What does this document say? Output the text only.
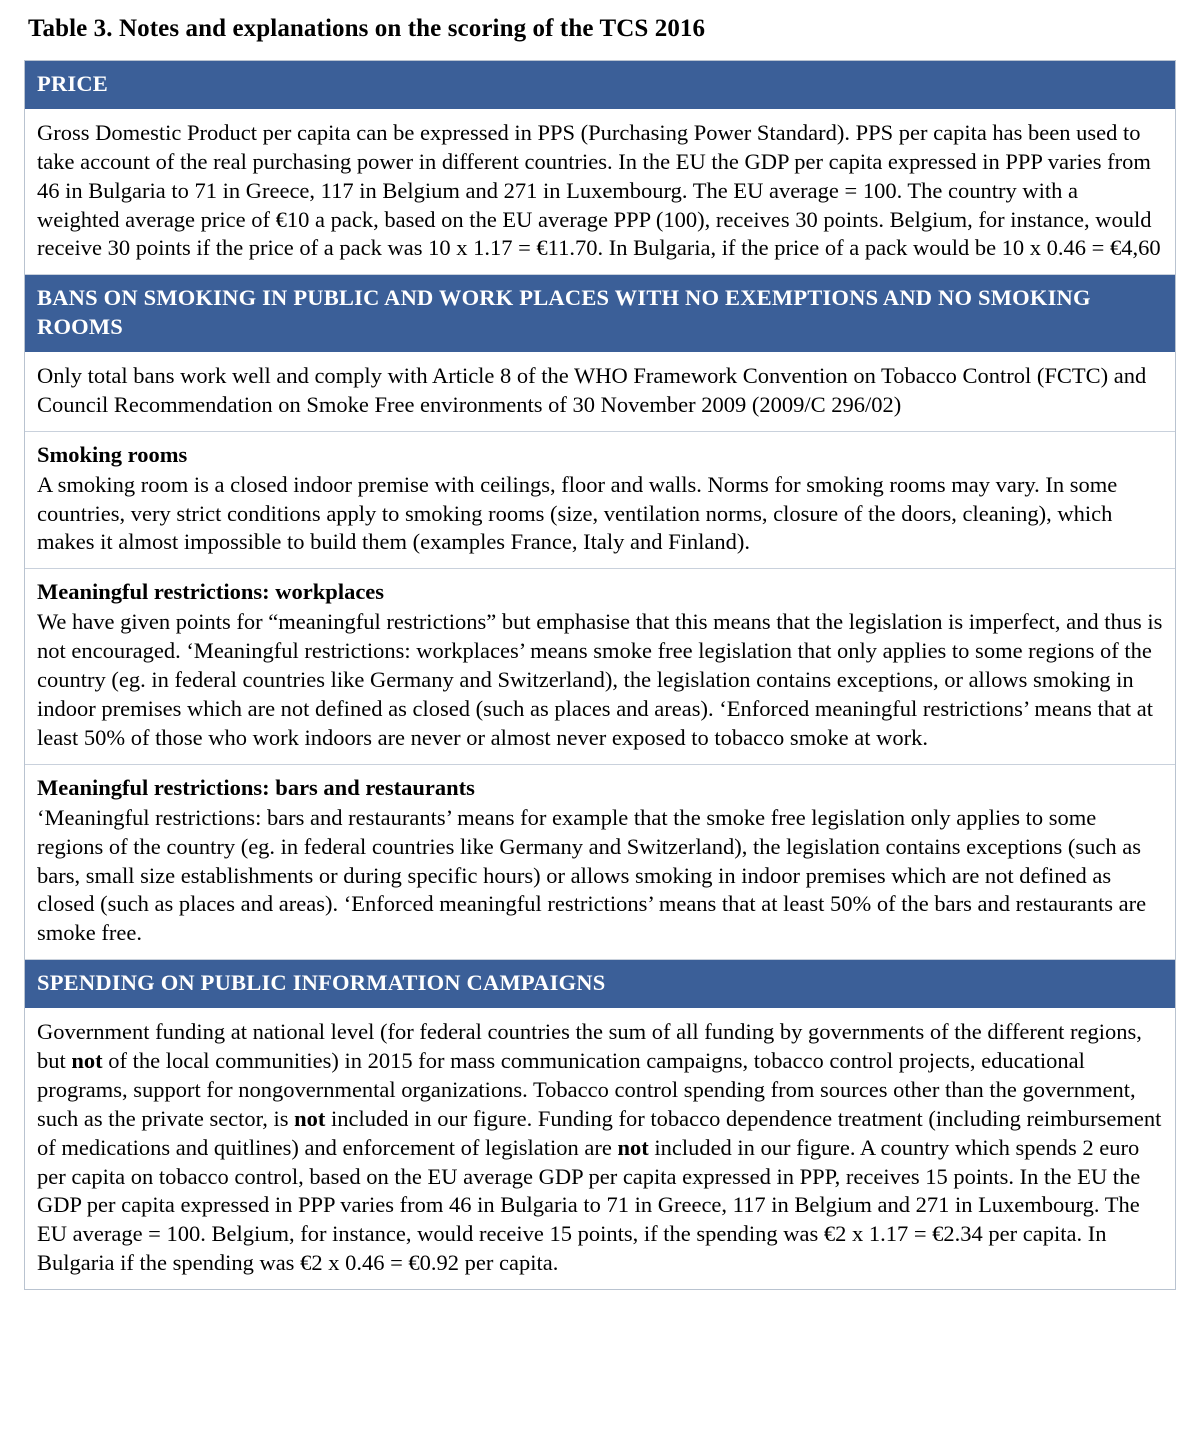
Table 3. Notes and explanations on the scoring of the TCS 2016
PRICE

Gross Domestic Product per capita can be expressed in PPS (Purchasing Power Standard). PPS per capita has been used to take account of the real purchasing power in different countries. In the EU the GDP per capita expressed in PPP varies from 46 in Bulgaria to 71 in Greece, 117 in Belgium and 271 in Luxembourg. The EU average = 100. The country with a weighted average price of €10 a pack, based on the EU average PPP (100), receives 30 points. Belgium, for instance, would receive 30 points if the price of a pack was 10 x 1.17 = €11.70. In Bulgaria, if the price of a pack would be 10 x 0.46 = €4,60

BANS ON SMOKING IN PUBLIC AND WORK PLACES WITH NO EXEMPTIONS AND NO SMOKING ROOMS

Only total bans work well and comply with Article 8 of the WHO Framework Convention on Tobacco Control (FCTC) and Council Recommendation on Smoke Free environments of 30 November 2009 (2009/C 296/02)

Smoking rooms

A smoking room is a closed indoor premise with ceilings, floor and walls. Norms for smoking rooms may vary. In some countries, very strict conditions apply to smoking rooms (size, ventilation norms, closure of the doors, cleaning), which makes it almost impossible to build them (examples France, Italy and Finland).

Meaningful restrictions: workplaces

We have given points for “meaningful restrictions” but emphasise that this means that the legislation is imperfect, and thus is not encouraged. ‘Meaningful restrictions: workplaces’ means smoke free legislation that only applies to some regions of the country (eg. in federal countries like Germany and Switzerland), the legislation contains exceptions, or allows smoking in indoor premises which are not defined as closed (such as places and areas). ‘Enforced meaningful restrictions’ means that at least 50% of those who work indoors are never or almost never exposed to tobacco smoke at work.

Meaningful restrictions: bars and restaurants

‘Meaningful restrictions: bars and restaurants’ means for example that the smoke free legislation only applies to some regions of the country (eg. in federal countries like Germany and Switzerland), the legislation contains exceptions (such as bars, small size establishments or during specific hours) or allows smoking in indoor premises which are not defined as closed (such as places and areas). ‘Enforced meaningful restrictions’ means that at least 50% of the bars and restaurants are smoke free.

SPENDING ON PUBLIC INFORMATION CAMPAIGNS

Government funding at national level (for federal countries the sum of all funding by governments of the different regions, but not of the local communities) in 2015 for mass communication campaigns, tobacco control projects, educational programs, support for nongovernmental organizations. Tobacco control spending from sources other than the government, such as the private sector, is not included in our figure. Funding for tobacco dependence treatment (including reimbursement of medications and quitlines) and enforcement of legislation are not included in our figure. A country which spends 2 euro per capita on tobacco control, based on the EU average GDP per capita expressed in PPP, receives 15 points. In the EU the GDP per capita expressed in PPP varies from 46 in Bulgaria to 71 in Greece, 117 in Belgium and 271 in Luxembourg. The EU average = 100. Belgium, for instance, would receive 15 points, if the spending was €2 x 1.17 = €2.34 per capita. In Bulgaria if the spending was €2 x 0.46 = €0.92 per capita.
